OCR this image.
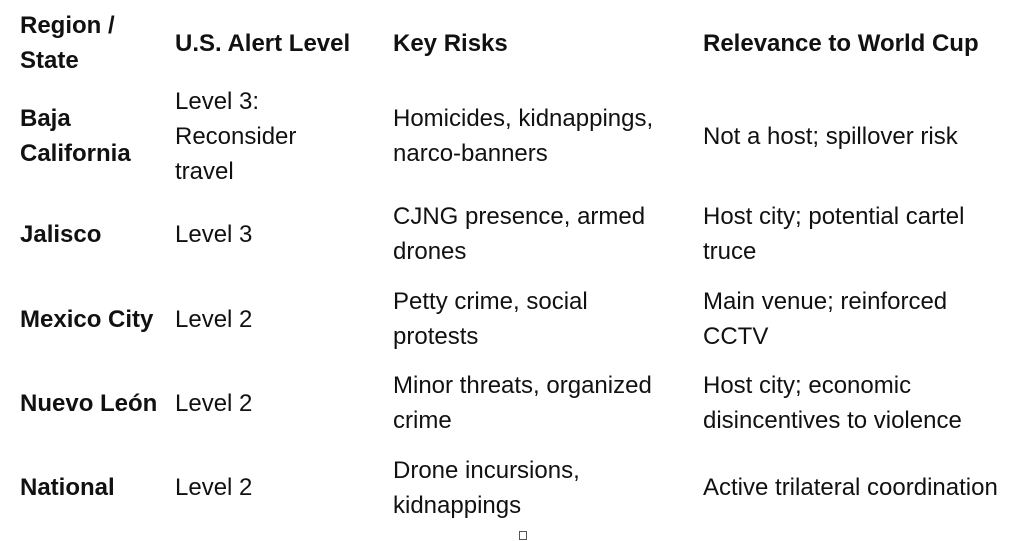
Region / State	U.S. Alert Level	Key Risks	Relevance to World Cup
Baja California	Level 3: Reconsider travel	Homicides, kidnappings, narco-banners	Not a host; spillover risk
Jalisco	Level 3	CJNG presence, armed drones	Host city; potential cartel truce
Mexico City	Level 2	Petty crime, social protests	Main venue; reinforced CCTV
Nuevo León	Level 2	Minor threats, organized crime	Host city; economic disincentives to violence
National	Level 2	Drone incursions, kidnappings	Active trilateral coordination
